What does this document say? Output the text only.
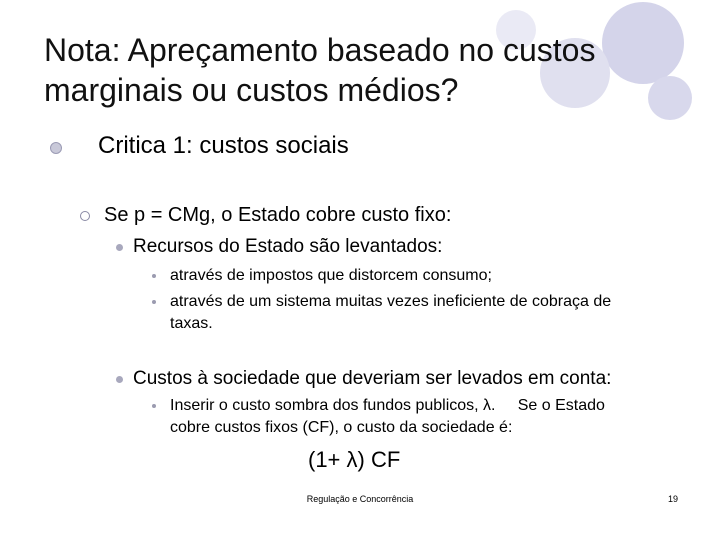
Nota: Apreçamento baseado no custos
marginais ou custos médios?
Critica 1: custos sociais
Se p = CMg, o Estado cobre custo fixo:
Recursos do Estado são levantados:
através de impostos que distorcem consumo;
através de um sistema muitas vezes ineficiente de cobraça de
taxas.
Custos à sociedade que deveriam ser levados em conta:
Inserir o custo sombra dos fundos publicos, λ.     Se o Estado
cobre custos fixos (CF), o custo da sociedade é:
(1+ λ) CF
Regulação e Concorrência	19
